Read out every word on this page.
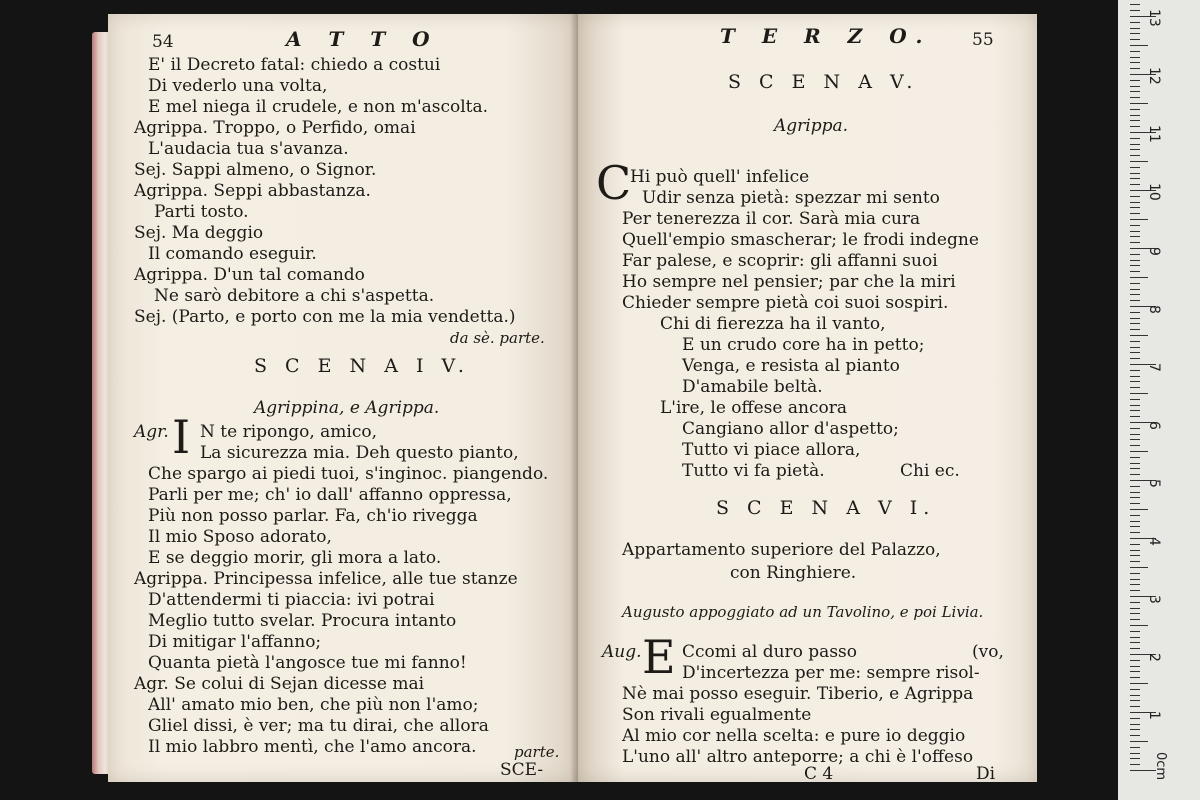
54	A T T O
E' il Decreto fatal: chiedo a costui
Di vederlo una volta,
E mel niega il crudele, e non m'ascolta.
Agrippa. Troppo, o Perfido, omai
L'audacia tua s'avanza.
Sej. Sappi almeno, o Signor.
Agrippa. Seppi abbastanza.
Parti tosto.
Sej. Ma deggio
Il comando eseguir.
Agrippa. D'un tal comando
Ne sarò debitore a chi s'aspetta.
Sej. (Parto, e porto con me la mia vendetta.)
da sè. parte.
S C E N A I V.
Agrippina, e Agrippa.
Agr. I N te ripongo, amico,
La sicurezza mia. Deh questo pianto,
Che spargo ai piedi tuoi, s'inginoc. piangendo.
Parli per me; ch' io dall' affanno oppressa,
Più non posso parlar. Fa, ch'io rivegga
Il mio Sposo adorato,
E se deggio morir, gli mora a lato.
Agrippa. Principessa infelice, alle tue stanze
D'attendermi ti piaccia: ivi potrai
Meglio tutto svelar. Procura intanto
Di mitigar l'affanno;
Quanta pietà l'angosce tue mi fanno!
Agr. Se colui di Sejan dicesse mai
All' amato mio ben, che più non l'amo;
Gliel dissi, è ver; ma tu dirai, che allora
Il mio labbro mentì, che l'amo ancora. parte.
SCE-
T E R Z O. 55
S C E N A V.
Agrippa.
C
Hi può quell' infelice
Udir senza pietà: spezzar mi sento
Per tenerezza il cor. Sarà mia cura
Quell'empio smascherar; le frodi indegne
Far palese, e scoprir: gli affanni suoi
Ho sempre nel pensier; par che la miri
Chieder sempre pietà coi suoi sospiri.
Chi di fierezza ha il vanto,
E un crudo core ha in petto;
Venga, e resista al pianto
D'amabile beltà.
L'ire, le offese ancora
Cangiano allor d'aspetto;
Tutto vi piace allora,
Tutto vi fa pietà.	Chi ec.
S C E N A V I.
Appartamento superiore del Palazzo,
con Ringhiere.
Augusto appoggiato ad un Tavolino, e poi Livia.
Aug. E Ccomi al duro passo	(vo,
D'incertezza per me: sempre risol-
Nè mai posso eseguir. Tiberio, e Agrippa
Son rivali egualmente
Al mio cor nella scelta: e pure io deggio
L'uno all' altro anteporre; a chi è l'offeso
C 4	Di	0cm
1
2
3
4
5
6
7
8
9
10
11
12
13
